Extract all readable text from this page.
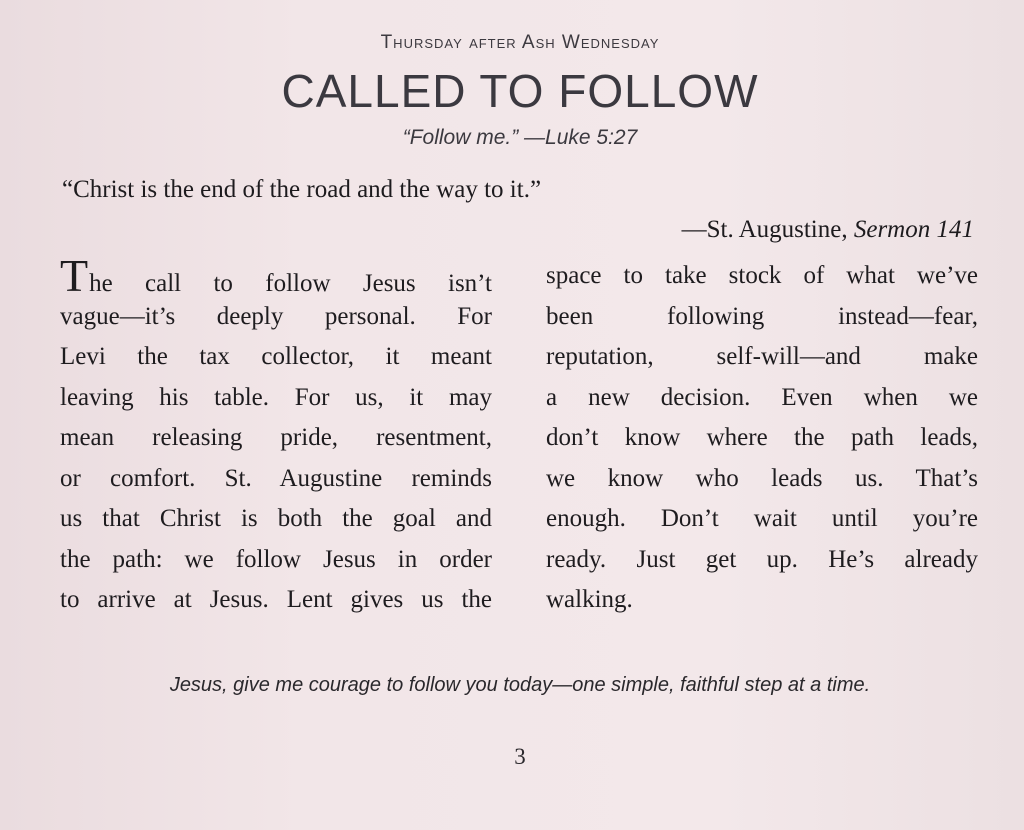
Thursday after Ash Wednesday
CALLED TO FOLLOW
“Follow me.” —Luke 5:27
“Christ is the end of the road and the way to it.”
—St. Augustine, Sermon 141
The call to follow Jesus isn’t
vague—it’s deeply personal. For
Levi the tax collector, it meant
leaving his table. For us, it may
mean releasing pride, resentment,
or comfort. St. Augustine reminds
us that Christ is both the goal and
the path: we follow Jesus in order
to arrive at Jesus. Lent gives us the
space to take stock of what we’ve
been following instead—fear,
reputation, self-will—and make
a new decision. Even when we
don’t know where the path leads,
we know who leads us. That’s
enough. Don’t wait until you’re
ready. Just get up. He’s already
walking.
Jesus, give me courage to follow you today—one simple, faithful step at a time.
3
